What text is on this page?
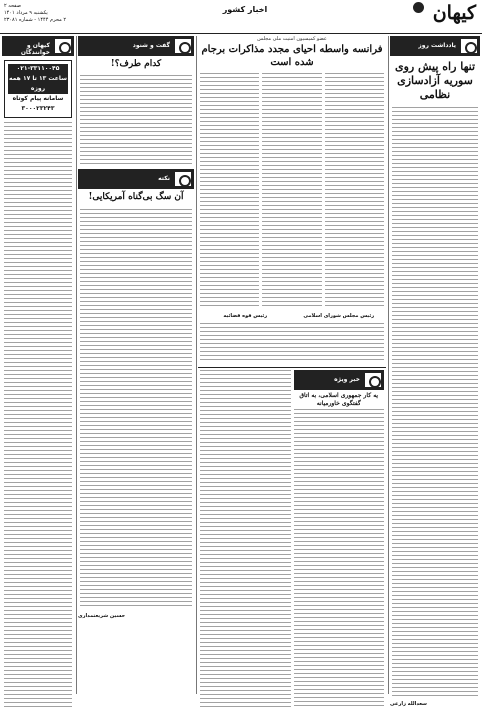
کیهان
اخبار کشور
صفحه ۲
یکشنبه ۹ مرداد ۱۴۰۱
۲ محرم ۱۴۴۴ - شماره ۲۳۰۸۱
یادداشت روز
تنها راه پیش روی سوریه آزادسازی نظامی
سعدالله زارعی
عضو کمیسیون امنیت ملی مجلس
فرانسه واسطه احیای مجدد مذاکرات برجام شده است
رئیس قوه قضائیه	رئیس مجلس شورای اسلامی
خبر ویژه
یه کار جمهوری اسلامی، به اتاق گفتگوی خاورمیانه
گفت و شنود
کدام طرف؟!
نکته
آن سگ بی‌گناه آمریکایی!
حسین شریعتمداری
کیهان و خوانندگان
۰۲۱-۳۳۱۱۰۰۴۵ ساعت ۱۳ تا ۱۷ همه روزه
سامانه پیام کوتاه ۳۰۰۰۲۳۲۴۳
